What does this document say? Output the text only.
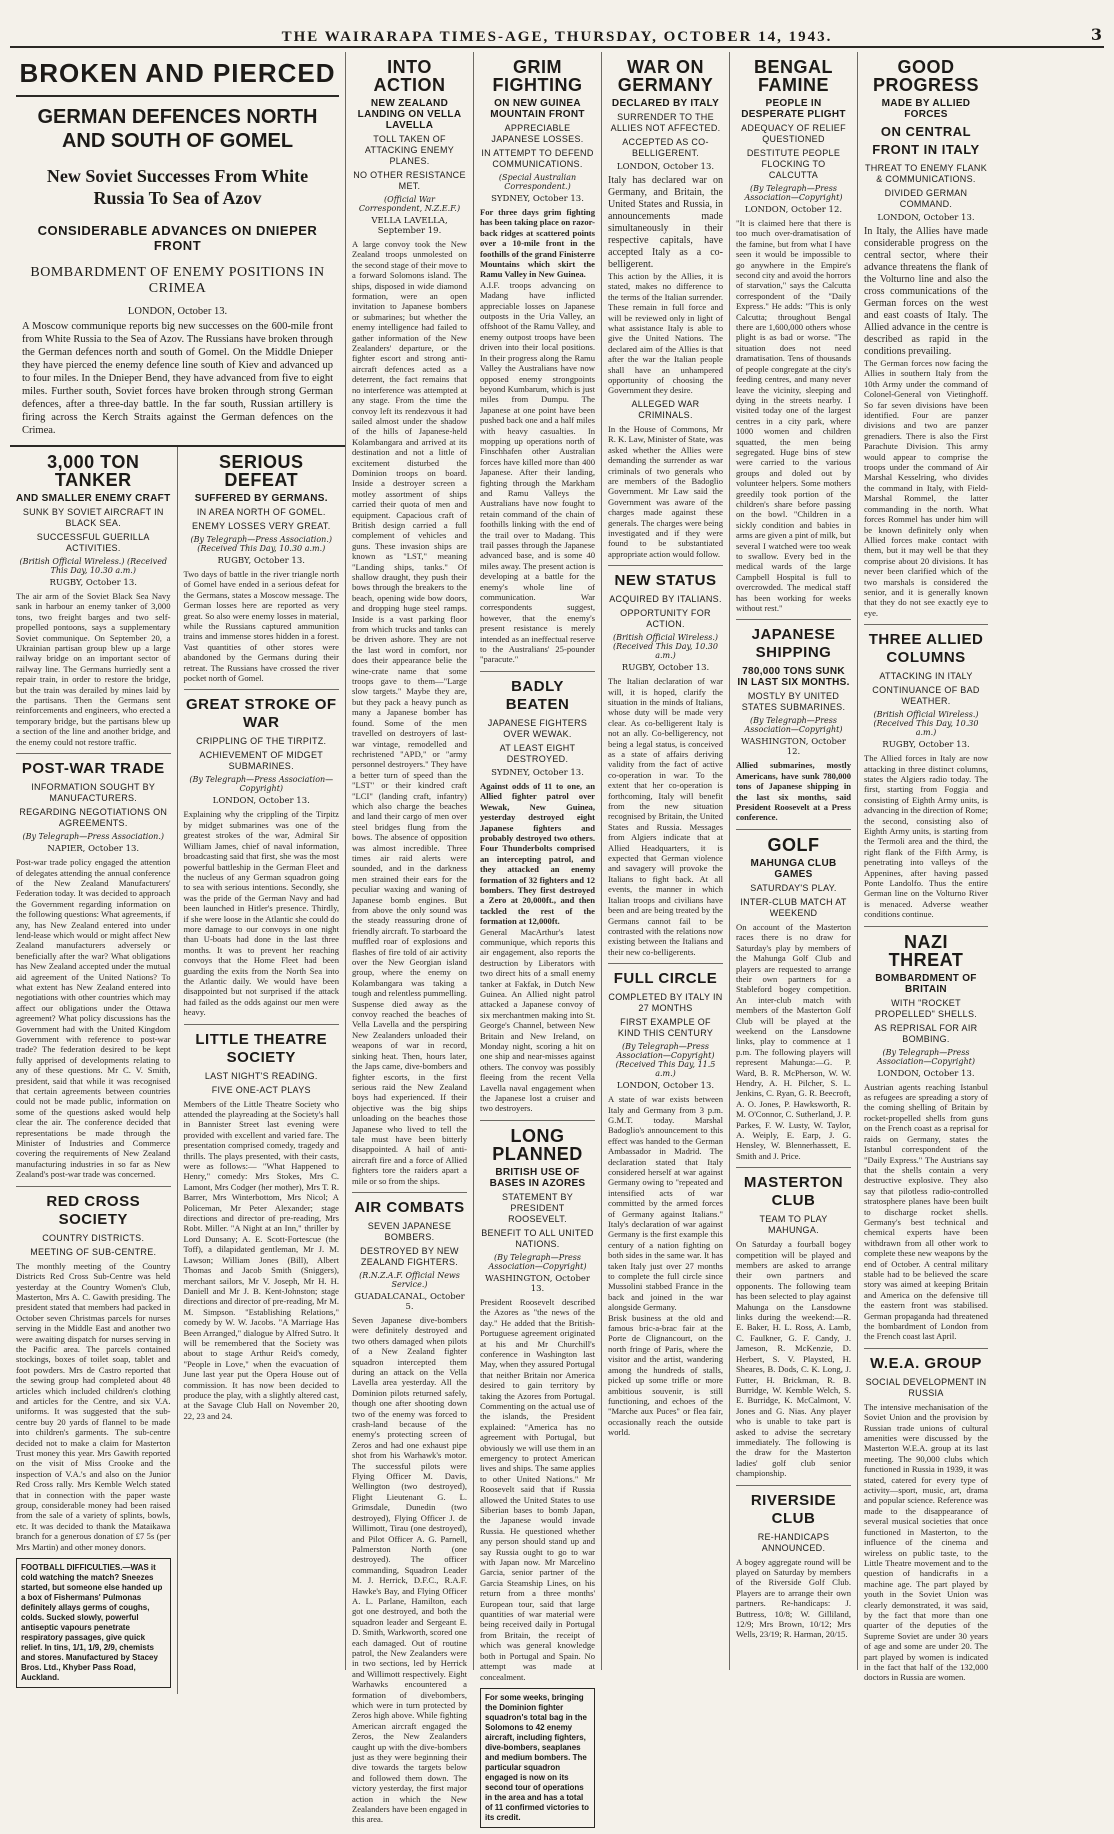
THE WAIRARAPA TIMES-AGE, THURSDAY, OCTOBER 14, 1943.	3
BROKEN AND PIERCED
GERMAN DEFENCES NORTH AND SOUTH OF GOMEL
New Soviet Successes From White Russia To Sea of Azov
CONSIDERABLE ADVANCES ON DNIEPER FRONT
BOMBARDMENT OF ENEMY POSITIONS IN CRIMEA

LONDON, October 13.
A Moscow communique reports big new successes on the 600-mile front from White Russia to the Sea of Azov. The Russians have broken through the German defences north and south of Gomel. On the Middle Dnieper they have pierced the enemy defence line south of Kiev and advanced up to four miles. In the Dnieper Bend, they have advanced from five to eight miles. Further south, Soviet forces have broken through strong German defences, after a three-day battle. In the far south, Russian artillery is firing across the Kerch Straits against the German defences on the Crimea.

3,000 TON TANKER
AND SMALLER ENEMY CRAFT
SUNK BY SOVIET AIRCRAFT IN BLACK SEA.
SUCCESSFUL GUERILLA ACTIVITIES.
(British Official Wireless.) (Received This Day, 10.30 a.m.)
RUGBY, October 13.

The air arm of the Soviet Black Sea Navy sank in harbour an enemy tanker of 3,000 tons, two freight barges and two self-propelled pontoons, says a supplementary Soviet communique. On September 20, a Ukrainian partisan group blew up a large railway bridge on an important sector of railway line. The Germans hurriedly sent a repair train, in order to restore the bridge, but the train was derailed by mines laid by the partisans. Then the Germans sent reinforcements and engineers, who erected a temporary bridge, but the partisans blew up a section of the line and another bridge, and the enemy could not restore traffic.

POST-WAR TRADE
INFORMATION SOUGHT BY MANUFACTURERS.
REGARDING NEGOTIATIONS ON AGREEMENTS.
(By Telegraph—Press Association.)
NAPIER, October 13.

Post-war trade policy engaged the attention of delegates attending the annual conference of the New Zealand Manufacturers' Federation today. It was decided to approach the Government regarding information on the following questions: What agreements, if any, has New Zealand entered into under lend-lease which would or might affect New Zealand manufacturers adversely or beneficially after the war? What obligations has New Zealand accepted under the mutual aid agreement of the United Nations? To what extent has New Zealand entered into negotiations with other countries which may affect our obligations under the Ottawa agreement? What policy discussions has the Government had with the United Kingdom Government with reference to post-war trade? The federation desired to be kept fully apprised of developments relating to any of these questions. Mr C. V. Smith, president, said that while it was recognised that certain agreements between countries could not be made public, information on some of the questions asked would help clear the air. The conference decided that representations be made through the Minister of Industries and Commerce covering the requirements of New Zealand manufacturing industries in so far as New Zealand's post-war trade was concerned.

RED CROSS SOCIETY
COUNTRY DISTRICTS.
MEETING OF SUB-CENTRE.

The monthly meeting of the Country Districts Red Cross Sub-Centre was held yesterday at the Country Women's Club, Masterton, Mrs A. C. Gawith presiding. The president stated that members had packed in October seven Christmas parcels for nurses serving in the Middle East and another two were awaiting dispatch for nurses serving in the Pacific area. The parcels contained stockings, boxes of toilet soap, tablet and foot powders. Mrs de Castro reported that the sewing group had completed about 48 articles which included children's clothing and articles for the Centre, and six V.A. uniforms. It was suggested that the sub-centre buy 20 yards of flannel to be made into children's garments. The sub-centre decided not to make a claim for Masterton Trust money this year. Mrs Gawith reported on the visit of Miss Crooke and the inspection of V.A.'s and also on the Junior Red Cross rally. Mrs Kemble Welch stated that in connection with the paper waste group, considerable money had been raised from the sale of a variety of splints, bowls, etc. It was decided to thank the Mataikawa branch for a generous donation of £7 5s (per Mrs Martin) and other money donors.

FOOTBALL DIFFICULTIES.—WAS it cold watching the match? Sneezes started, but someone else handed up a box of Fishermans' Pulmonas definitely allays germs of coughs, colds. Sucked slowly, powerful antiseptic vapours penetrate respiratory passages, give quick relief. In tins, 1/1, 1/9, 2/9, chemists and stores. Manufactured by Stacey Bros. Ltd., Khyber Pass Road, Auckland.
SERIOUS DEFEAT
SUFFERED BY GERMANS.
IN AREA NORTH OF GOMEL.
ENEMY LOSSES VERY GREAT.
(By Telegraph—Press Association.) (Received This Day, 10.30 a.m.)
RUGBY, October 13.

Two days of battle in the river triangle north of Gomel have ended in a serious defeat for the Germans, states a Moscow message. The German losses here are reported as very great. So also were enemy losses in material, while the Russians captured ammunition trains and immense stores hidden in a forest. Vast quantities of other stores were abandoned by the Germans during their retreat. The Russians have crossed the river pocket north of Gomel.

GREAT STROKE OF WAR
CRIPPLING OF THE TIRPITZ.
ACHIEVEMENT OF MIDGET SUBMARINES.
(By Telegraph—Press Association—Copyright)
LONDON, October 13.

Explaining why the crippling of the Tirpitz by midget submarines was one of the greatest strokes of the war, Admiral Sir William James, chief of naval information, broadcasting said that first, she was the most powerful battleship in the German Fleet and the nucleus of any German squadron going to sea with serious intentions. Secondly, she was the pride of the German Navy and had been launched in Hitler's presence. Thirdly, if she were loose in the Atlantic she could do more damage to our convoys in one night than U-boats had done in the last three months. It was to prevent her reaching convoys that the Home Fleet had been guarding the exits from the North Sea into the Atlantic daily. We would have been disappointed but not surprised if the attack had failed as the odds against our men were heavy.

LITTLE THEATRE SOCIETY
LAST NIGHT'S READING.
FIVE ONE-ACT PLAYS

Members of the Little Theatre Society who attended the playreading at the Society's hall in Bannister Street last evening were provided with excellent and varied fare. The presentation comprised comedy, tragedy and thrills. The plays presented, with their casts, were as follows:— "What Happened to Henry," comedy: Mrs Stokes, Mrs C. Lamont, Mrs Codger (her mother), Mrs T. R. Barrer, Mrs Winterbottom, Mrs Nicol; A Policeman, Mr Peter Alexander; stage directions and director of pre-reading, Mrs Robt. Miller. "A Night at an Inn," thriller by Lord Dunsany; A. E. Scott-Fortescue (the Toff), a dilapidated gentleman, Mr J. M. Lawson; William Jones (Bill), Albert Thomas and Jacob Smith (Sniggers), merchant sailors, Mr V. Joseph, Mr H. H. Daniell and Mr J. B. Kent-Johnston; stage directions and director of pre-reading, Mr M. M. Simpson. "Establishing Relations," comedy by W. W. Jacobs. "A Marriage Has Been Arranged," dialogue by Alfred Sutro. It will be remembered that the Society was about to stage Arthur Reid's comedy, "People in Love," when the evacuation of June last year put the Opera House out of commission. It has now been decided to produce the play, with a slightly altered cast, at the Savage Club Hall on November 20, 22, 23 and 24.

INTO ACTION
NEW ZEALAND LANDING ON VELLA LAVELLA
TOLL TAKEN OF ATTACKING ENEMY PLANES.
NO OTHER RESISTANCE MET.
(Official War Correspondent, N.Z.E.F.)
VELLA LAVELLA, September 19.

A large convoy took the New Zealand troops unmolested on the second stage of their move to a forward Solomons island. The ships, disposed in wide diamond formation, were an open invitation to Japanese bombers or submarines; but whether the enemy intelligence had failed to gather information of the New Zealanders' departure, or the fighter escort and strong anti-aircraft defences acted as a deterrent, the fact remains that no interference was attempted at any stage. From the time the convoy left its rendezvous it had sailed almost under the shadow of the hills of Japanese-held Kolambangara and arrived at its destination and not a little of excitement disturbed the Dominion troops on board. Inside a destroyer screen a motley assortment of ships carried their quota of men and equipment. Capacious craft of British design carried a full complement of vehicles and guns. These invasion ships are known as "LST," meaning "Landing ships, tanks." Of shallow draught, they push their bows through the breakers to the beach, opening wide bow doors, and dropping huge steel ramps. Inside is a vast parking floor from which trucks and tanks can be driven ashore. They are not the last word in comfort, nor does their appearance belie the wine-crate name that some troops gave to them—"Large slow targets." Maybe they are, but they pack a heavy punch as many a Japanese bomber has found. Some of the men travelled on destroyers of last-war vintage, remodelled and rechristened "APD," or "army personnel destroyers." They have a better turn of speed than the "LST" or their kindred craft "LCI" (landing craft, infantry) which also charge the beaches and land their cargo of men over steel bridges flung from the bows. The absence of opposition was almost incredible. Three times air raid alerts were sounded, and in the darkness men strained their ears for the peculiar waxing and waning of Japanese bomb engines. But from above the only sound was the steady reassuring drone of friendly aircraft. To starboard the muffled roar of explosions and flashes of fire told of air activity over the New Georgian island group, where the enemy on Kolambangara was taking a tough and relentless pummelling. Suspense died away as the convoy reached the beaches of Vella Lavella and the perspiring New Zealanders unloaded their weapons of war in record, sinking heat. Then, hours later, the Japs came, dive-bombers and fighter escorts, in the first serious raid the New Zealand boys had experienced. If their objective was the big ships unloading on the beaches those Japanese who lived to tell the tale must have been bitterly disappointed. A hail of anti-aircraft fire and a force of Allied fighters tore the raiders apart a mile or so from the ships.

AIR COMBATS
SEVEN JAPANESE BOMBERS.
DESTROYED BY NEW ZEALAND FIGHTERS.
(R.N.Z.A.F. Official News Service.)
GUADALCANAL, October 5.

Seven Japanese dive-bombers were definitely destroyed and two others damaged when pilots of a New Zealand fighter squadron intercepted them during an attack on the Vella Lavella area yesterday. All the Dominion pilots returned safely, though one after shooting down two of the enemy was forced to crash-land because of the enemy's protecting screen of Zeros and had one exhaust pipe shot from his Warhawk's motor. The successful pilots were Flying Officer M. Davis, Wellington (two destroyed), Flight Lieutenant G. L. Grimsdale, Dunedin (two destroyed), Flying Officer J. de Willimott, Tirau (one destroyed), and Pilot Officer A. G. Parnell, Palmerston North (one destroyed). The officer commanding, Squadron Leader M. J. Herrick, D.F.C., R.A.F. Hawke's Bay, and Flying Officer A. L. Parlane, Hamilton, each got one destroyed, and both the squadron leader and Sergeant E. D. Smith, Warkworth, scored one each damaged. Out of routine patrol, the New Zealanders were in two sections, led by Herrick and Willimott respectively. Eight Warhawks encountered a formation of divebombers, which were in turn protected by Zeros high above. While fighting American aircraft engaged the Zeros, the New Zealanders caught up with the dive-bombers just as they were beginning their dive towards the targets below and followed them down. The victory yesterday, the first major action in which the New Zealanders have been engaged in this area.

GRIM FIGHTING
ON NEW GUINEA MOUNTAIN FRONT
APPRECIABLE JAPANESE LOSSES.
IN ATTEMPT TO DEFEND COMMUNICATIONS.
(Special Australian Correspondent.)
SYDNEY, October 13.

For three days grim fighting has been taking place on razor-back ridges at scattered points over a 10-mile front in the foothills of the grand Finisterre Mountains which skirt the Ramu Valley in New Guinea.

A.I.F. troops advancing on Madang have inflicted appreciable losses on Japanese outposts in the Uria Valley, an offshoot of the Ramu Valley, and enemy outpost troops have been driven into their local positions. In their progress along the Ramu Valley the Australians have now opposed enemy strongpoints beyond Kumbarum, which is just miles from Dumpu. The Japanese at one point have been pushed back one and a half miles with heavy casualties. In mopping up operations north of Finschhafen other Australian forces have killed more than 400 Japanese. After their landing, fighting through the Markham and Ramu Valleys the Australians have now fought to retain command of the chain of foothills linking with the end of the trail over to Madang. This trail passes through the Japanese advanced base, and is some 40 miles away. The present action is developing at a battle for the enemy's whole line of communication. War correspondents suggest, however, that the enemy's present resistance is merely intended as an ineffectual reserve to the Australians' 25-pounder "paracute."

BADLY BEATEN
JAPANESE FIGHTERS OVER WEWAK.
AT LEAST EIGHT DESTROYED.
SYDNEY, October 13.

Against odds of 11 to one, an Allied fighter patrol over Wewak, New Guinea, yesterday destroyed eight Japanese fighters and probably destroyed two others. Four Thunderbolts comprised an intercepting patrol, and they attacked an enemy formation of 32 fighters and 12 bombers. They first destroyed a Zero at 20,000ft., and then tackled the rest of the formation at 12,000ft.

General MacArthur's latest communique, which reports this air engagement, also reports the destruction by Liberators with two direct hits of a small enemy tanker at Fakfak, in Dutch New Guinea. An Allied night patrol attacked a Japanese convoy of six merchantmen making into St. George's Channel, between New Britain and New Ireland, on Monday night, scoring a hit on one ship and near-misses against others. The convoy was possibly fleeing from the recent Vella Lavella naval engagement when the Japanese lost a cruiser and two destroyers.

LONG PLANNED
BRITISH USE OF BASES IN AZORES
STATEMENT BY PRESIDENT ROOSEVELT.
BENEFIT TO ALL UNITED NATIONS.
(By Telegraph—Press Association—Copyright)
WASHINGTON, October 13.

President Roosevelt described the Azores as "the news of the day." He added that the British-Portuguese agreement originated at his and Mr Churchill's conference in Washington last May, when they assured Portugal that neither Britain nor America desired to gain territory by taking the Azores from Portugal. Commenting on the actual use of the islands, the President explained: "America has no agreement with Portugal, but obviously we will use them in an emergency to protect American lives and ships. The same applies to other United Nations." Mr Roosevelt said that if Russia allowed the United States to use Siberian bases to bomb Japan, the Japanese would invade Russia. He questioned whether any person should stand up and say Russia ought to go to war with Japan now. Mr Marcelino Garcia, senior partner of the Garcia Steamship Lines, on his return from a three months' European tour, said that large quantities of war material were being received daily in Portugal from Britain, the receipt of which was general knowledge both in Portugal and Spain. No attempt was made at concealment.

For some weeks, bringing the Dominion fighter squadron's total bag in the Solomons to 42 enemy aircraft, including fighters, dive-bombers, seaplanes and medium bombers. The particular squadron engaged is now on its second tour of operations in the area and has a total of 11 confirmed victories to its credit.
WAR ON GERMANY
DECLARED BY ITALY
SURRENDER TO THE ALLIES NOT AFFECTED.
ACCEPTED AS CO-BELLIGERENT.
LONDON, October 13.

Italy has declared war on Germany, and Britain, the United States and Russia, in announcements made simultaneously in their respective capitals, have accepted Italy as a co-belligerent.

This action by the Allies, it is stated, makes no difference to the terms of the Italian surrender. These remain in full force and will be reviewed only in light of what assistance Italy is able to give the United Nations. The declared aim of the Allies is that after the war the Italian people shall have an unhampered opportunity of choosing the Government they desire.

ALLEGED WAR CRIMINALS.

In the House of Commons, Mr R. K. Law, Minister of State, was asked whether the Allies were demanding the surrender as war criminals of two generals who are members of the Badoglio Government. Mr Law said the Government was aware of the charges made against these generals. The charges were being investigated and if they were found to be substantiated appropriate action would follow.

NEW STATUS
ACQUIRED BY ITALIANS.
OPPORTUNITY FOR ACTION.
(British Official Wireless.) (Received This Day, 10.30 a.m.)
RUGBY, October 13.

The Italian declaration of war will, it is hoped, clarify the situation in the minds of Italians, whose duty will be made very clear. As co-belligerent Italy is not an ally. Co-belligerency, not being a legal status, is conceived as a state of affairs deriving validity from the fact of active co-operation in war. To the extent that her co-operation is forthcoming, Italy will benefit from the new situation recognised by Britain, the United States and Russia. Messages from Algiers indicate that at Allied Headquarters, it is expected that German violence and savagery will provoke the Italians to fight back. At all events, the manner in which Italian troops and civilians have been and are being treated by the Germans cannot fail to be contrasted with the relations now existing between the Italians and their new co-belligerents.

FULL CIRCLE
COMPLETED BY ITALY IN 27 MONTHS
FIRST EXAMPLE OF KIND THIS CENTURY
(By Telegraph—Press Association—Copyright) (Received This Day, 11.5 a.m.)
LONDON, October 13.

A state of war exists between Italy and Germany from 3 p.m. G.M.T. today. Marshal Badoglio's announcement to this effect was handed to the German Ambassador in Madrid. The declaration stated that Italy considered herself at war against Germany owing to "repeated and intensified acts of war committed by the armed forces of Germany against Italians." Italy's declaration of war against Germany is the first example this century of a nation fighting on both sides in the same war. It has taken Italy just over 27 months to complete the full circle since Mussolini stabbed France in the back and joined in the war alongside Germany.

Brisk business at the old and famous bric-a-brac fair at the Porte de Clignancourt, on the north fringe of Paris, where the visitor and the artist, wandering among the hundreds of stalls, picked up some trifle or more ambitious souvenir, is still functioning, and echoes of the "Marche aux Puces" or flea fair, occasionally reach the outside world.

BENGAL FAMINE
PEOPLE IN DESPERATE PLIGHT
ADEQUACY OF RELIEF QUESTIONED
DESTITUTE PEOPLE FLOCKING TO CALCUTTA
(By Telegraph—Press Association—Copyright)
LONDON, October 12.

"It is claimed here that there is too much over-dramatisation of the famine, but from what I have seen it would be impossible to go anywhere in the Empire's second city and avoid the horrors of starvation," says the Calcutta correspondent of the "Daily Express." He adds: "This is only Calcutta; throughout Bengal there are 1,600,000 others whose plight is as bad or worse. "The situation does not need dramatisation. Tens of thousands of people congregate at the city's feeding centres, and many never leave the vicinity, sleeping and dying in the streets nearby. I visited today one of the largest centres in a city park, where 1000 women and children squatted, the men being segregated. Huge bins of stew were carried to the various groups and doled out by volunteer helpers. Some mothers greedily took portion of the children's share before passing on the bowl. "Children in a sickly condition and babies in arms are given a pint of milk, but several I watched were too weak to swallow. Every bed in the medical wards of the large Campbell Hospital is full to overcrowded. The medical staff has been working for weeks without rest."

JAPANESE SHIPPING
780,000 TONS SUNK IN LAST SIX MONTHS.
MOSTLY BY UNITED STATES SUBMARINES.
(By Telegraph—Press Association—Copyright)
WASHINGTON, October 12.

Allied submarines, mostly Americans, have sunk 780,000 tons of Japanese shipping in the last six months, said President Roosevelt at a Press conference.

GOLF
MAHUNGA CLUB GAMES
SATURDAY'S PLAY.
INTER-CLUB MATCH AT WEEKEND

On account of the Masterton races there is no draw for Saturday's play by members of the Mahunga Golf Club and players are requested to arrange their own partners for a Stableford bogey competition. An inter-club match with members of the Masterton Golf Club will be played at the weekend on the Lansdowne links, play to commence at 1 p.m. The following players will represent Mahunga:—G. P. Ward, B. R. McPherson, W. W. Hendry, A. H. Pilcher, S. L. Jenkins, C. Ryan, G. R. Beecroft, A. O. Jones, P. Hawksworth, R. M. O'Connor, C. Sutherland, J. P. Parkes, F. W. Lusty, W. Taylor, A. Weiply, E. Earp, J. G. Hensley, W. Blennerhassett, E. Smith and J. Price.

MASTERTON CLUB
TEAM TO PLAY MAHUNGA.

On Saturday a fourball bogey competition will be played and members are asked to arrange their own partners and opponents. The following team has been selected to play against Mahunga on the Lansdowne links during the weekend:—R. E. Baker, H. L. Ross, A. Lamb, C. Faulkner, G. F. Candy, J. Jameson, R. McKenzie, D. Herbert, S. V. Playsted, H. Sheares, B. Dods, C. K. Long, J. Futter, H. Brickman, R. B. Burridge, W. Kemble Welch, S. E. Burridge, K. McCalmont, V. Jones and G. Nias. Any player who is unable to take part is asked to advise the secretary immediately. The following is the draw for the Masterton ladies' golf club senior championship.

RIVERSIDE CLUB
RE-HANDICAPS ANNOUNCED.

A bogey aggregate round will be played on Saturday by members of the Riverside Golf Club. Players are to arrange their own partners. Re-handicaps: J. Buttress, 10/8; W. Gilliland, 12/9; Mrs Brown, 10/12; Mrs Wells, 23/19; R. Harman, 20/15.

GOOD PROGRESS
MADE BY ALLIED FORCES
ON CENTRAL FRONT IN ITALY
THREAT TO ENEMY FLANK & COMMUNICATIONS.
DIVIDED GERMAN COMMAND.
LONDON, October 13.

In Italy, the Allies have made considerable progress on the central sector, where their advance threatens the flank of the Volturno line and also the cross communications of the German forces on the west and east coasts of Italy. The Allied advance in the centre is described as rapid in the conditions prevailing.

The German forces now facing the Allies in southern Italy from the 10th Army under the command of Colonel-General von Vietinghoff. So far seven divisions have been identified. Four are panzer divisions and two are panzer grenadiers. There is also the First Parachute Division. This army would appear to comprise the troops under the command of Air Marshal Kesselring, who divides the command in Italy, with Field-Marshal Rommel, the latter commanding in the north. What forces Rommel has under him will be known definitely only when Allied forces make contact with them, but it may well be that they comprise about 20 divisions. It has never been clarified which of the two marshals is considered the senior, and it is generally known that they do not see exactly eye to eye.

THREE ALLIED COLUMNS
ATTACKING IN ITALY
CONTINUANCE OF BAD WEATHER.
(British Official Wireless.) (Received This Day, 10.30 a.m.)
RUGBY, October 13.

The Allied forces in Italy are now attacking in three distinct columns, states the Algiers radio today. The first, starting from Foggia and consisting of Eighth Army units, is advancing in the direction of Rome; the second, consisting also of Eighth Army units, is starting from the Termoli area and the third, the right flank of the Fifth Army, is penetrating into valleys of the Appenines, after having passed Ponte Landolfo. Thus the entire German line on the Volturno River is menaced. Adverse weather conditions continue.

NAZI THREAT
BOMBARDMENT OF BRITAIN
WITH "ROCKET PROPELLED" SHELLS.
AS REPRISAL FOR AIR BOMBING.
(By Telegraph—Press Association—Copyright)
LONDON, October 13.

Austrian agents reaching Istanbul as refugees are spreading a story of the coming shelling of Britain by rocket-propelled shells from guns on the French coast as a reprisal for raids on Germany, states the Istanbul correspondent of the "Daily Express." The Austrians say that the shells contain a very destructive explosive. They also say that pilotless radio-controlled stratosphere planes have been built to discharge rocket shells. Germany's best technical and chemical experts have been withdrawn from all other work to complete these new weapons by the end of October. A central military stable had to be believed the scare story was aimed at keeping Britain and America on the defensive till the eastern front was stabilised. German propaganda had threatened the bombardment of London from the French coast last April.

W.E.A. GROUP
SOCIAL DEVELOPMENT IN RUSSIA

The intensive mechanisation of the Soviet Union and the provision by Russian trade unions of cultural amenities were discussed by the Masterton W.E.A. group at its last meeting. The 90,000 clubs which functioned in Russia in 1939, it was stated, catered for every type of activity—sport, music, art, drama and popular science. Reference was made to the disappearance of several musical societies that once functioned in Masterton, to the influence of the cinema and wireless on public taste, to the Little Theatre movement and to the question of handicrafts in a machine age. The part played by youth in the Soviet Union was clearly demonstrated, it was said, by the fact that more than one quarter of the deputies of the Supreme Soviet are under 30 years of age and some are under 20. The part played by women is indicated in the fact that half of the 132,000 doctors in Russia are women.
